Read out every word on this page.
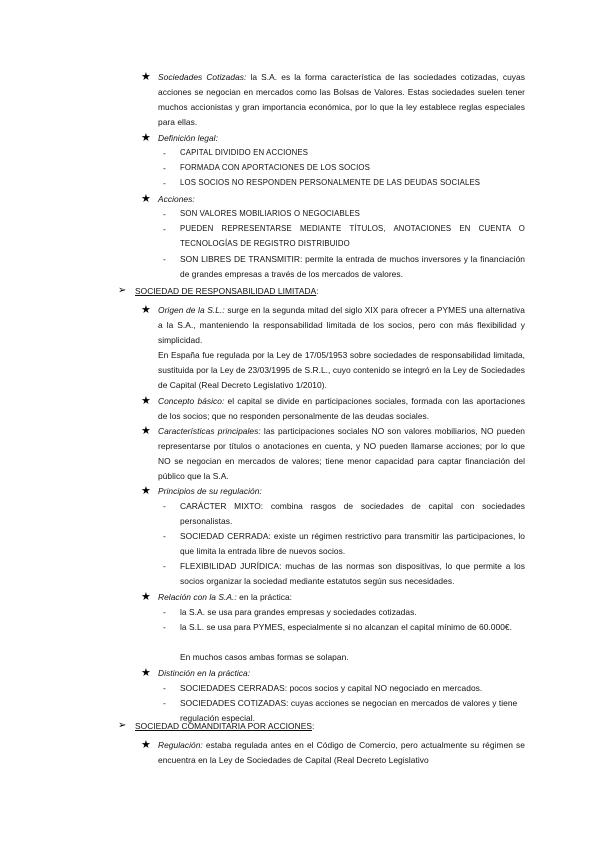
★ Sociedades Cotizadas: la S.A. es la forma característica de las sociedades cotizadas, cuyas acciones se negocian en mercados como las Bolsas de Valores. Estas sociedades suelen tener muchos accionistas y gran importancia económica, por lo que la ley establece reglas especiales para ellas.
★ Definición legal:
-	CAPITAL DIVIDIDO EN ACCIONES
-	FORMADA CON APORTACIONES DE LOS SOCIOS
-	LOS SOCIOS NO RESPONDEN PERSONALMENTE DE LAS DEUDAS SOCIALES
★ Acciones:
-	SON VALORES MOBILIARIOS O NEGOCIABLES
-	PUEDEN REPRESENTARSE MEDIANTE TÍTULOS, ANOTACIONES EN CUENTA O TECNOLOGÍAS DE REGISTRO DISTRIBUIDO
-	SON LIBRES DE TRANSMITIR: permite la entrada de muchos inversores y la financiación de grandes empresas a través de los mercados de valores.
➢ SOCIEDAD DE RESPONSABILIDAD LIMITADA:
★ Origen de la S.L.: surge en la segunda mitad del siglo XIX para ofrecer a PYMES una alternativa a la S.A., manteniendo la responsabilidad limitada de los socios, pero con más flexibilidad y simplicidad.
En España fue regulada por la Ley de 17/05/1953 sobre sociedades de responsabilidad limitada, sustituida por la Ley de 23/03/1995 de S.R.L., cuyo contenido se integró en la Ley de Sociedades de Capital (Real Decreto Legislativo 1/2010).
★ Concepto básico: el capital se divide en participaciones sociales, formada con las aportaciones de los socios; que no responden personalmente de las deudas sociales.
★ Características principales: las participaciones sociales NO son valores mobiliarios, NO pueden representarse por títulos o anotaciones en cuenta, y NO pueden llamarse acciones; por lo que NO se negocian en mercados de valores; tiene menor capacidad para captar financiación del público que la S.A.
★ Principios de su regulación:
-	CARÁCTER MIXTO: combina rasgos de sociedades de capital con sociedades personalistas.
-	SOCIEDAD CERRADA: existe un régimen restrictivo para transmitir las participaciones, lo que limita la entrada libre de nuevos socios.
-	FLEXIBILIDAD JURÍDICA: muchas de las normas son dispositivas, lo que permite a los socios organizar la sociedad mediante estatutos según sus necesidades.
★ Relación con la S.A.: en la práctica:
-	la S.A. se usa para grandes empresas y sociedades cotizadas.
-	la S.L. se usa para PYMES, especialmente si no alcanzan el capital mínimo de 60.000€.
En muchos casos ambas formas se solapan.
★ Distinción en la práctica:
-	SOCIEDADES CERRADAS: pocos socios y capital NO negociado en mercados.
-	SOCIEDADES COTIZADAS: cuyas acciones se negocian en mercados de valores y tiene regulación especial.
➢ SOCIEDAD COMANDITARIA POR ACCIONES:
★ Regulación: estaba regulada antes en el Código de Comercio, pero actualmente su régimen se encuentra en la Ley de Sociedades de Capital (Real Decreto Legislativo
